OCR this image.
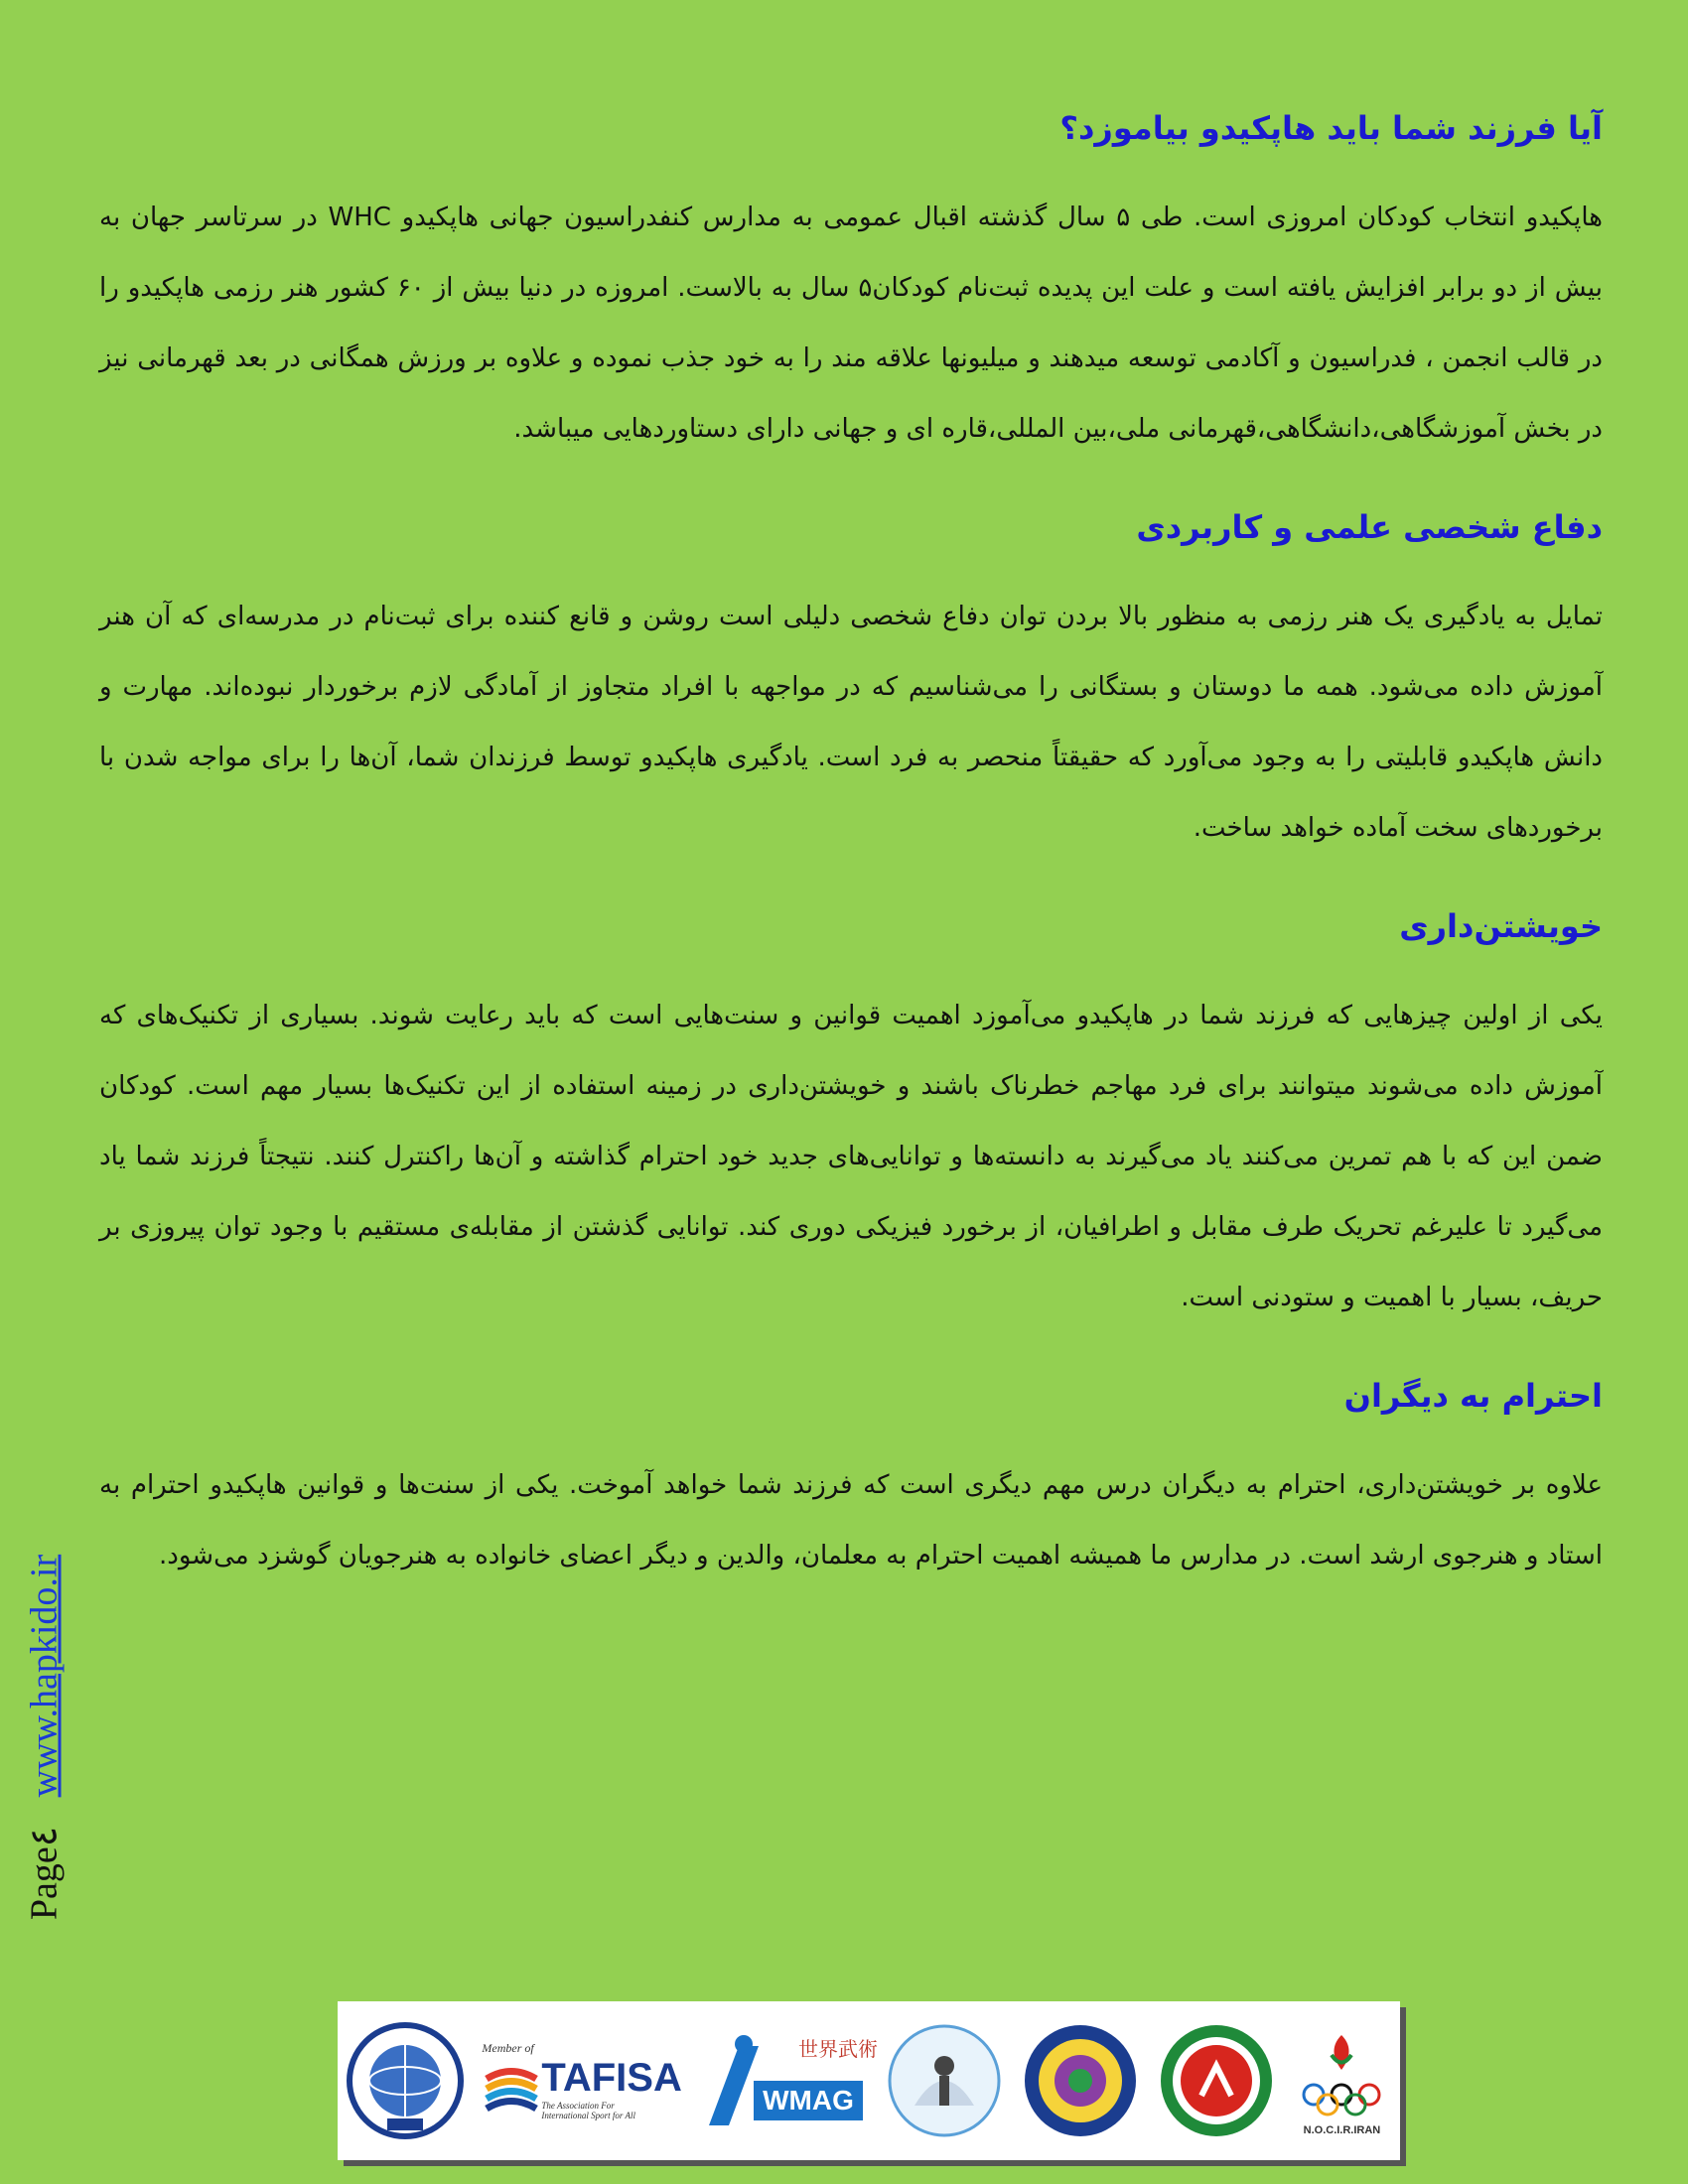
آیا فرزند شما باید هاپکیدو بیاموزد؟

هاپکیدو انتخاب کودکان امروزی است. طی ۵ سال گذشته اقبال عمومی به مدارس کنفدراسیون جهانی هاپکیدو WHC در سرتاسر جهان به بیش از دو برابر افزایش یافته است و علت این پدیده ثبت‌نام کودکان۵ سال به بالاست. امروزه در دنیا بیش از ۶۰ کشور هنر رزمی هاپکیدو را در قالب انجمن ، فدراسیون و آکادمی توسعه میدهند و میلیونها علاقه مند را به خود جذب نموده و علاوه بر ورزش همگانی در بعد قهرمانی نیز در بخش آموزشگاهی،دانشگاهی،قهرمانی ملی،بین المللی،قاره ای و جهانی دارای دستاوردهایی میباشد.

دفاع شخصی علمی و کاربردی

تمایل به یادگیری یک هنر رزمی به منظور بالا بردن توان دفاع شخصی دلیلی است روشن و قانع کننده برای ثبت‌نام در مدرسه‌ای که آن هنر آموزش داده می‌شود. همه ما دوستان و بستگانی را می‌شناسیم که در مواجهه با افراد متجاوز از آمادگی لازم برخوردار نبوده‌اند. مهارت و دانش هاپکیدو قابلیتی را به وجود می‌آورد که حقیقتاً منحصر به فرد است. یادگیری هاپکیدو توسط فرزندان شما، آن‌ها را برای مواجه شدن با برخوردهای سخت آماده خواهد ساخت.

خویشتن‌داری

یکی از اولین چیزهایی که فرزند شما در هاپکیدو می‌آموزد اهمیت قوانین و سنت‌هایی است که باید رعایت شوند. بسیاری از تکنیک‌های که آموزش داده می‌شوند میتوانند برای فرد مهاجم خطرناک باشند و خویشتن‌داری در زمینه استفاده از این تکنیک‌ها بسیار مهم است. کودکان ضمن این که با هم تمرین می‌کنند یاد می‌گیرند به دانسته‌ها و توانایی‌های جدید خود احترام گذاشته و آن‌ها راکنترل کنند. نتیجتاً فرزند شما یاد می‌گیرد تا علیرغم تحریک طرف مقابل و اطرافیان، از برخورد فیزیکی دوری کند. توانایی گذشتن از مقابله‌ی مستقیم با وجود توان پیروزی بر حریف، بسیار با اهمیت و ستودنی است.

احترام به دیگران

علاوه بر خویشتن‌داری، احترام به دیگران درس مهم دیگری است که فرزند شما خواهد آموخت. یکی از سنت‌ها و قوانین هاپکیدو احترام به استاد و هنرجوی ارشد است. در مدارس ما همیشه اهمیت احترام به معلمان، والدین و دیگر اعضای خانواده به هنرجویان گوشزد می‌شود.

Page٤ www.hapkido.ir
Member of
TAFISA
The Association For International Sport for All
世界武術
WMAG
N.O.C.I.R.IRAN
